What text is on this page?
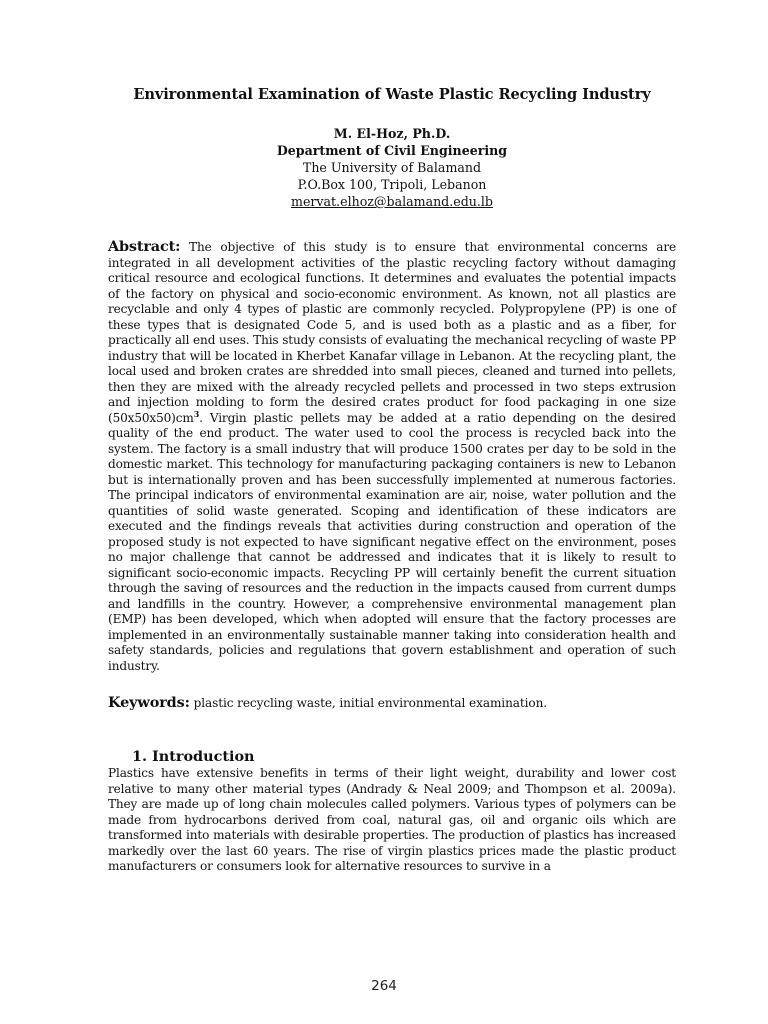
Environmental Examination of Waste Plastic Recycling Industry
M. El-Hoz, Ph.D.
Department of Civil Engineering
The University of Balamand
P.O.Box 100, Tripoli, Lebanon
mervat.elhoz@balamand.edu.lb
Abstract: The objective of this study is to ensure that environmental concerns are integrated in all development activities of the plastic recycling factory without damaging critical resource and ecological functions. It determines and evaluates the potential impacts of the factory on physical and socio-economic environment. As known, not all plastics are recyclable and only 4 types of plastic are commonly recycled. Polypropylene (PP) is one of these types that is designated Code 5, and is used both as a plastic and as a fiber, for practically all end uses. This study consists of evaluating the mechanical recycling of waste PP industry that will be located in Kherbet Kanafar village in Lebanon. At the recycling plant, the local used and broken crates are shredded into small pieces, cleaned and turned into pellets, then they are mixed with the already recycled pellets and processed in two steps extrusion and injection molding to form the desired crates product for food packaging in one size $(50x50x50)cm^3$. Virgin plastic pellets may be added at a ratio depending on the desired quality of the end product. The water used to cool the process is recycled back into the system. The factory is a small industry that will produce 1500 crates per day to be sold in the domestic market. This technology for manufacturing packaging containers is new to Lebanon but is internationally proven and has been successfully implemented at numerous factories. The principal indicators of environmental examination are air, noise, water pollution and the quantities of solid waste generated. Scoping and identification of these indicators are executed and the findings reveals that activities during construction and operation of the proposed study is not expected to have significant negative effect on the environment, poses no major challenge that cannot be addressed and indicates that it is likely to result to significant socio-economic impacts. Recycling PP will certainly benefit the current situation through the saving of resources and the reduction in the impacts caused from current dumps and landfills in the country. However, a comprehensive environmental management plan (EMP) has been developed, which when adopted will ensure that the factory processes are implemented in an environmentally sustainable manner taking into consideration health and safety standards, policies and regulations that govern establishment and operation of such industry.
Keywords: plastic recycling waste, initial environmental examination.
1. Introduction
Plastics have extensive benefits in terms of their light weight, durability and lower cost relative to many other material types (Andrady & Neal 2009; and Thompson et al. 2009a). They are made up of long chain molecules called polymers. Various types of polymers can be made from hydrocarbons derived from coal, natural gas, oil and organic oils which are transformed into materials with desirable properties. The production of plastics has increased markedly over the last 60 years. The rise of virgin plastics prices made the plastic product manufacturers or consumers look for alternative resources to survive in a
264
